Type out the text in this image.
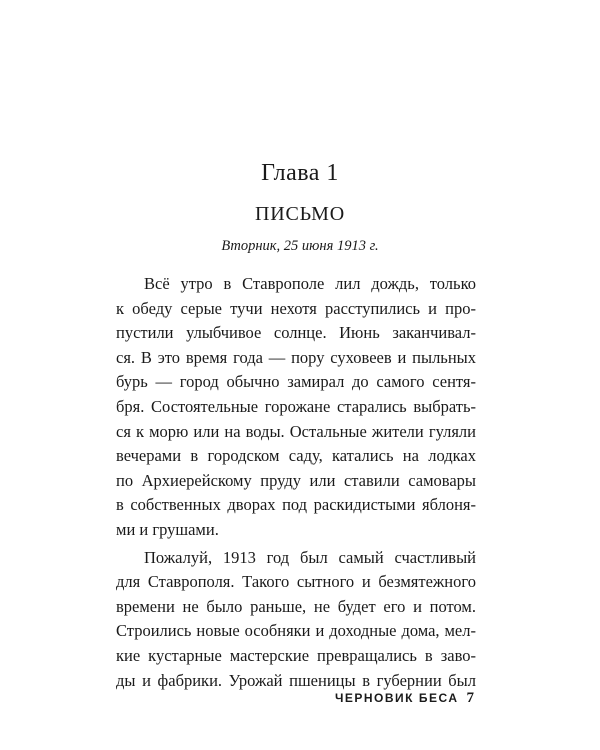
Глава 1
ПИСЬМО
Вторник, 25 июня 1913 г.
Всё утро в Ставрополе лил дождь, только
к обеду серые тучи нехотя расступились и про-
пустили улыбчивое солнце. Июнь заканчивал-
ся. В это время года — пору суховеев и пыльных
бурь — город обычно замирал до самого сентя-
бря. Состоятельные горожане старались выбрать-
ся к морю или на воды. Остальные жители гуляли
вечерами в городском саду, катались на лодках
по Архиерейскому пруду или ставили самовары
в собственных дворах под раскидистыми яблоня-
ми и грушами.
Пожалуй, 1913 год был самый счастливый
для Ставрополя. Такого сытного и безмятежного
времени не было раньше, не будет его и потом.
Строились новые особняки и доходные дома, мел-
кие кустарные мастерские превращались в заво-
ды и фабрики. Урожай пшеницы в губернии был
ЧЕРНОВИК БЕСА 7
